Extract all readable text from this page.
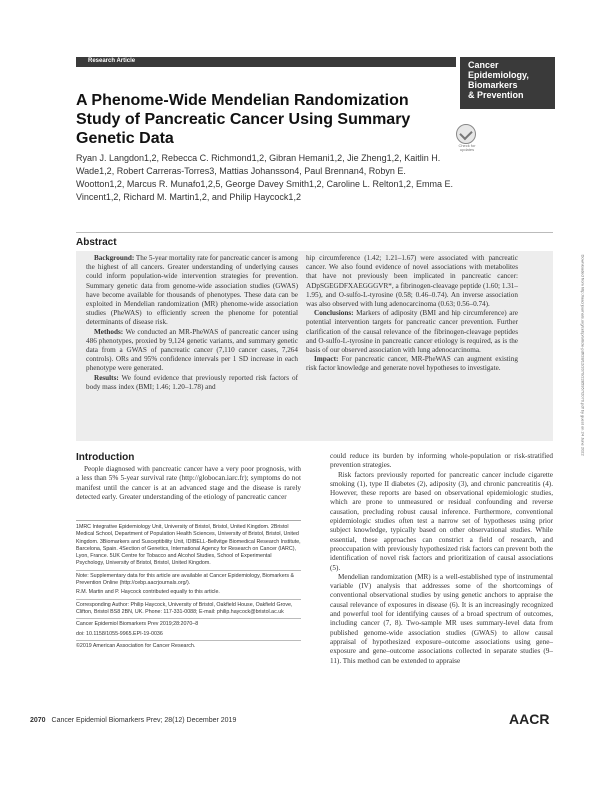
Research Article	Cancer
Epidemiology,
Biomarkers
& Prevention
Check for updates
A Phenome-Wide Mendelian Randomization Study of Pancreatic Cancer Using Summary Genetic Data
Ryan J. Langdon1,2, Rebecca C. Richmond1,2, Gibran Hemani1,2, Jie Zheng1,2, Kaitlin H. Wade1,2, Robert Carreras-Torres3, Mattias Johansson4, Paul Brennan4, Robyn E. Wootton1,2, Marcus R. Munafo1,2,5, George Davey Smith1,2, Caroline L. Relton1,2, Emma E. Vincent1,2, Richard M. Martin1,2, and Philip Haycock1,2
Abstract

Background: The 5-year mortality rate for pancreatic cancer is among the highest of all cancers. Greater understanding of underlying causes could inform population-wide intervention strategies for prevention. Summary genetic data from genome-wide association studies (GWAS) have become available for thousands of phenotypes. These data can be exploited in Mendelian randomization (MR) phenome-wide association studies (PheWAS) to efficiently screen the phenome for potential determinants of disease risk.

Methods: We conducted an MR-PheWAS of pancreatic cancer using 486 phenotypes, proxied by 9,124 genetic variants, and summary genetic data from a GWAS of pancreatic cancer (7,110 cancer cases, 7,264 controls). ORs and 95% confidence intervals per 1 SD increase in each phenotype were generated.

Results: We found evidence that previously reported risk factors of body mass index (BMI; 1.46; 1.20–1.78) and

hip circumference (1.42; 1.21–1.67) were associated with pancreatic cancer. We also found evidence of novel associations with metabolites that have not previously been implicated in pancreatic cancer: ADpSGEGDFXAEGGGVR*, a fibrinogen-cleavage peptide (1.60; 1.31–1.95), and O-sulfo-L-tyrosine (0.58; 0.46–0.74). An inverse association was also observed with lung adenocarcinoma (0.63; 0.56–0.74).

Conclusions: Markers of adiposity (BMI and hip circumference) are potential intervention targets for pancreatic cancer prevention. Further clarification of the causal relevance of the fibrinogen-cleavage peptides and O-sulfo-L-tyrosine in pancreatic cancer etiology is required, as is the basis of our observed association with lung adenocarcinoma.

Impact: For pancreatic cancer, MR-PheWAS can augment existing risk factor knowledge and generate novel hypotheses to investigate.

Introduction

People diagnosed with pancreatic cancer have a very poor prognosis, with a less than 5% 5-year survival rate (http://globocan.iarc.fr); symptoms do not manifest until the cancer is at an advanced stage and the disease is rarely detected early. Greater understanding of the etiology of pancreatic cancer

1MRC Integrative Epidemiology Unit, University of Bristol, Bristol, United Kingdom. 2Bristol Medical School, Department of Population Health Sciences, University of Bristol, Bristol, United Kingdom. 3Biomarkers and Susceptibility Unit, IDIBELL-Bellvitge Biomedical Research Institute, Barcelona, Spain. 4Section of Genetics, International Agency for Research on Cancer (IARC), Lyon, France. 5UK Centre for Tobacco and Alcohol Studies, School of Experimental Psychology, University of Bristol, Bristol, United Kingdom.

Note: Supplementary data for this article are available at Cancer Epidemiology, Biomarkers & Prevention Online (http://cebp.aacrjournals.org/).

R.M. Martin and P. Haycock contributed equally to this article.

Corresponding Author: Philip Haycock, University of Bristol, Oakfield House, Oakfield Grove, Clifton, Bristol BS8 2BN, UK. Phone: 117-331-0088; E-mail: philip.haycock@bristol.ac.uk

Cancer Epidemiol Biomarkers Prev 2019;28:2070–8

doi: 10.1158/1055-9965.EPI-19-0036

©2019 American Association for Cancer Research.

could reduce its burden by informing whole-population or risk-stratified prevention strategies.

Risk factors previously reported for pancreatic cancer include cigarette smoking (1), type II diabetes (2), adiposity (3), and chronic pancreatitis (4). However, these reports are based on observational epidemiologic studies, which are prone to unmeasured or residual confounding and reverse causation, precluding robust causal inference. Furthermore, conventional epidemiologic studies often test a narrow set of hypotheses using prior subject knowledge, typically based on other observational studies. While essential, these approaches can constrict a field of research, and preoccupation with previously hypothesized risk factors can prevent both the identification of novel risk factors and prioritization of causal associations (5).

Mendelian randomization (MR) is a well-established type of instrumental variable (IV) analysis that addresses some of the shortcomings of conventional observational studies by using genetic anchors to appraise the causal relevance of exposures in disease (6). It is an increasingly recognized and powerful tool for identifying causes of a broad spectrum of outcomes, including cancer (7, 8). Two-sample MR uses summary-level data from published genome-wide association studies (GWAS) to allow causal appraisal of hypothesized exposure–outcome associations using gene–exposure and gene–outcome associations collected in separate studies (9–11). This method can be extended to appraise

Downloaded from http://aacrjournals.org/cebp/article-pdf/28/12/2070/2285957/2070.pdf by guest on 24 June 2022
2070 Cancer Epidemiol Biomarkers Prev; 28(12) December 2019	AACR
